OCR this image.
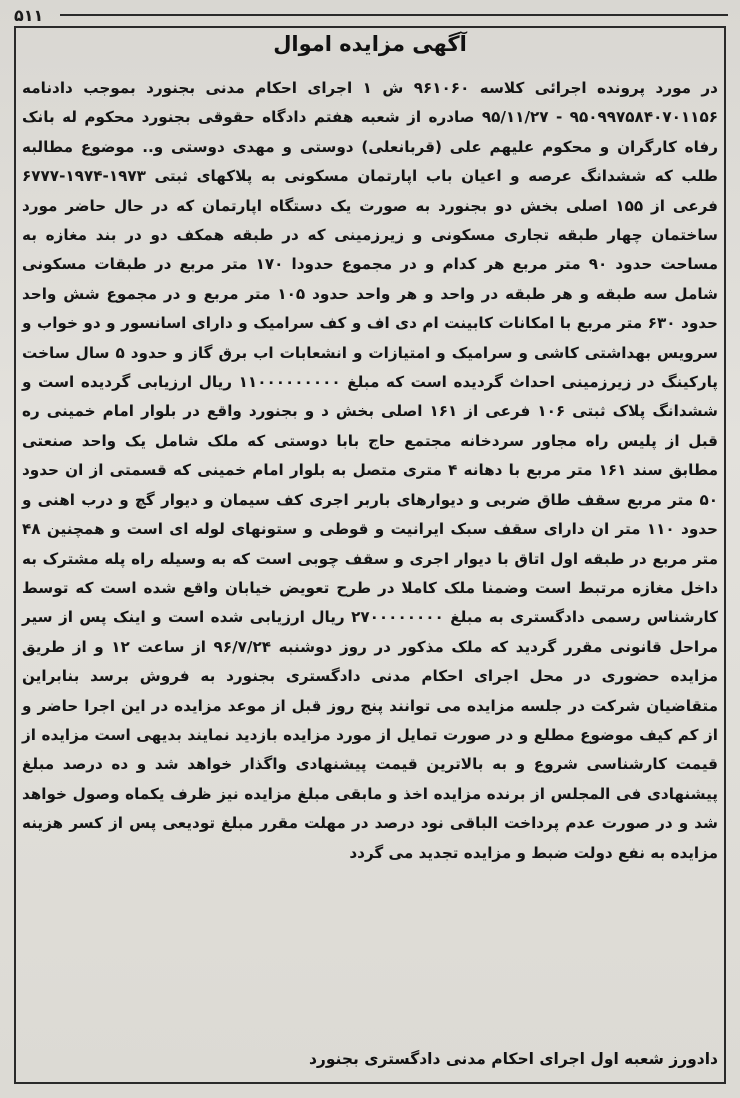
۵۱۱
آگهی مزایده اموال
در مورد پرونده اجرائی کلاسه ۹۶۱۰۶۰ ش ۱ اجرای احکام مدنی بجنورد بموجب دادنامه ۹۵۰۹۹۷۵۸۴۰۷۰۱۱۵۶ - ۹۵/۱۱/۲۷ صادره از شعبه هفتم دادگاه حقوقی بجنورد محکوم له بانک رفاه کارگران و محکوم علیهم علی (قربانعلی) دوستی و مهدی دوستی و.. موضوع مطالبه طلب که ششدانگ عرصه و اعیان باب اپارتمان مسکونی به پلاکهای ثبتی ۱۹۷۳-۱۹۷۴-۶۷۷۷ فرعی از ۱۵۵ اصلی بخش دو بجنورد به صورت یک دستگاه اپارتمان که در حال حاضر مورد ساختمان چهار طبقه تجاری مسکونی و زیرزمینی که در طبقه همکف دو در بند مغازه به مساحت حدود ۹۰ متر مربع هر کدام و در مجموع حدودا ۱۷۰ متر مربع در طبقات مسکونی شامل سه طبقه و هر طبقه در واحد و هر واحد حدود ۱۰۵ متر مربع و در مجموع شش واحد حدود ۶۳۰ متر مربع با امکانات کابینت ام دی اف و کف سرامیک و دارای اسانسور و دو خواب و سرویس بهداشتی کاشی و سرامیک و امتیازات و انشعابات اب برق گاز و حدود ۵ سال ساخت پارکینگ در زیرزمینی احداث گردیده است که مبلغ ۱۱۰۰۰۰۰۰۰۰۰ ریال ارزیابی گردیده است و ششدانگ پلاک ثبتی ۱۰۶ فرعی از ۱۶۱ اصلی بخش د و بجنورد واقع در بلوار امام خمینی ره قبل از پلیس راه مجاور سردخانه مجتمع حاج بابا دوستی که ملک شامل یک واحد صنعتی مطابق سند ۱۶۱ متر مربع با دهانه ۴ متری متصل به بلوار امام خمینی که قسمتی از ان حدود ۵۰ متر مربع سقف طاق ضربی و دیوارهای باربر اجری کف سیمان و دیوار گچ و درب اهنی و حدود ۱۱۰ متر ان دارای سقف سبک ایرانیت و قوطی و ستونهای لوله ای است و همچنین ۴۸ متر مربع در طبقه اول اتاق با دیوار اجری و سقف چوبی است که به وسیله راه پله مشترک به داخل مغازه مرتبط است وضمنا ملک کاملا در طرح تعویض خیابان واقع شده است که توسط کارشناس رسمی دادگستری به مبلغ ۲۷۰۰۰۰۰۰۰۰ ریال ارزیابی شده است و اینک پس از سیر مراحل قانونی مقرر گردید که ملک مذکور در روز دوشنبه ۹۶/۷/۲۴ از ساعت ۱۲ و از طریق مزایده حضوری در محل اجرای احکام مدنی دادگستری بجنورد به فروش برسد بنابراین متقاضیان شرکت در جلسه مزایده می توانند پنج روز قبل از موعد مزایده در این اجرا حاضر و از کم کیف موضوع مطلع و در صورت تمایل از مورد مزایده بازدید نمایند بدیهی است مزایده از قیمت کارشناسی شروع و به بالاترین قیمت پیشنهادی واگذار خواهد شد و ده درصد مبلغ پیشنهادی فی المجلس از برنده مزایده اخذ و مابقی مبلغ مزایده نیز ظرف یکماه وصول خواهد شد و در صورت عدم پرداخت الباقی نود درصد در مهلت مقرر مبلغ تودیعی پس از کسر هزینه مزایده به نفع دولت ضبط و مزایده تجدید می گردد
دادورز شعبه اول اجرای احکام مدنی دادگستری بجنورد
